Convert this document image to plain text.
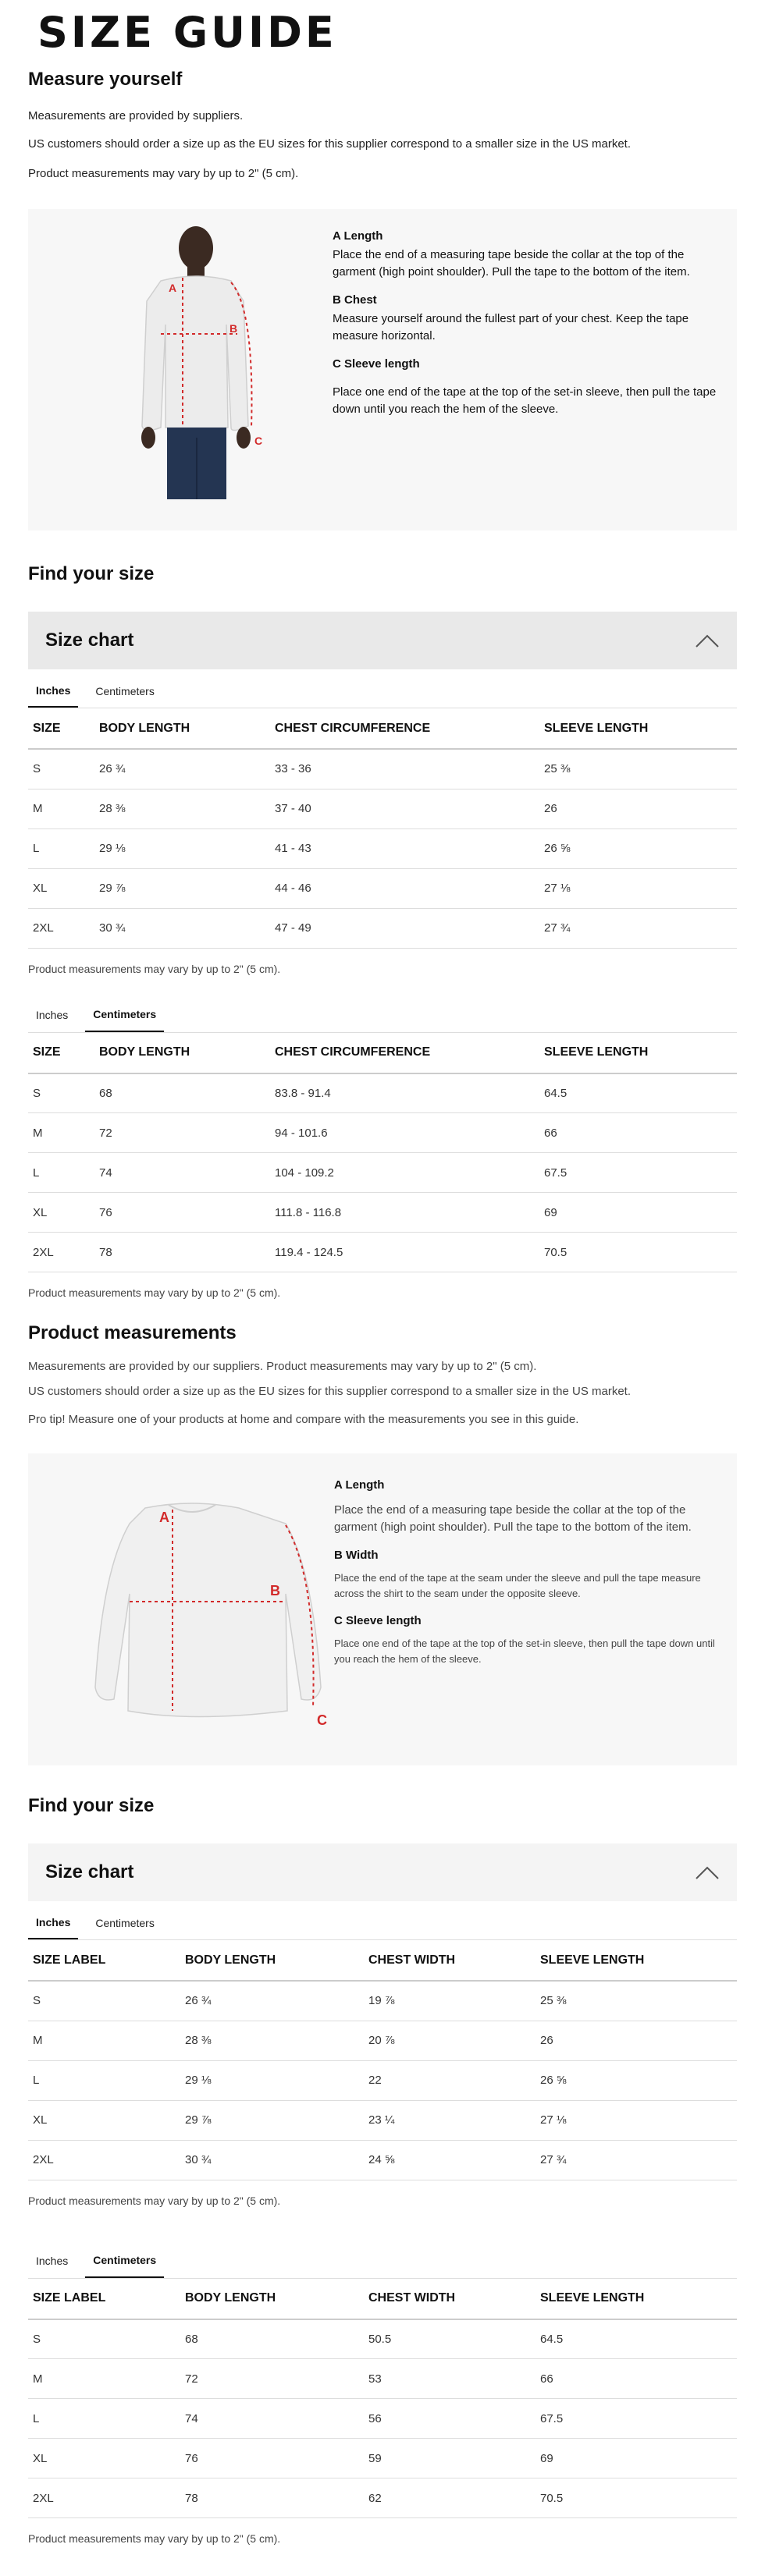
SIZE GUIDE
Measure yourself
Measurements are provided by suppliers.
US customers should order a size up as the EU sizes for this supplier correspond to a smaller size in the US market.
Product measurements may vary by up to 2" (5 cm).
A
B
C
A Length
Place the end of a measuring tape beside the collar at the top of the garment (high point shoulder). Pull the tape to the bottom of the item.
B Chest
Measure yourself around the fullest part of your chest. Keep the tape measure horizontal.
C Sleeve length
Place one end of the tape at the top of the set-in sleeve, then pull the tape down until you reach the hem of the sleeve.
Find your size
Size chart
Inches	Centimeters
SIZE	BODY LENGTH	CHEST CIRCUMFERENCE	SLEEVE LENGTH
S	26 ¾	33 - 36	25 ⅜
M	28 ⅜	37 - 40	26
L	29 ⅛	41 - 43	26 ⅝
XL	29 ⅞	44 - 46	27 ⅛
2XL	30 ¾	47 - 49	27 ¾
Product measurements may vary by up to 2" (5 cm).
Inches	Centimeters
SIZE	BODY LENGTH	CHEST CIRCUMFERENCE	SLEEVE LENGTH
S	68	83.8 - 91.4	64.5
M	72	94 - 101.6	66
L	74	104 - 109.2	67.5
XL	76	111.8 - 116.8	69
2XL	78	119.4 - 124.5	70.5
Product measurements may vary by up to 2" (5 cm).
Product measurements
Measurements are provided by our suppliers. Product measurements may vary by up to 2" (5 cm).
US customers should order a size up as the EU sizes for this supplier correspond to a smaller size in the US market.
Pro tip! Measure one of your products at home and compare with the measurements you see in this guide.
A
B
C
A Length
Place the end of a measuring tape beside the collar at the top of the garment (high point shoulder). Pull the tape to the bottom of the item.
B Width
Place the end of the tape at the seam under the sleeve and pull the tape measure across the shirt to the seam under the opposite sleeve.
C Sleeve length
Place one end of the tape at the top of the set-in sleeve, then pull the tape down until you reach the hem of the sleeve.
Find your size
Size chart
Inches	Centimeters
SIZE LABEL	BODY LENGTH	CHEST WIDTH	SLEEVE LENGTH
S	26 ¾	19 ⅞	25 ⅜
M	28 ⅜	20 ⅞	26
L	29 ⅛	22	26 ⅝
XL	29 ⅞	23 ¼	27 ⅛
2XL	30 ¾	24 ⅝	27 ¾
Product measurements may vary by up to 2" (5 cm).
Inches	Centimeters
SIZE LABEL	BODY LENGTH	CHEST WIDTH	SLEEVE LENGTH
S	68	50.5	64.5
M	72	53	66
L	74	56	67.5
XL	76	59	69
2XL	78	62	70.5
Product measurements may vary by up to 2" (5 cm).
